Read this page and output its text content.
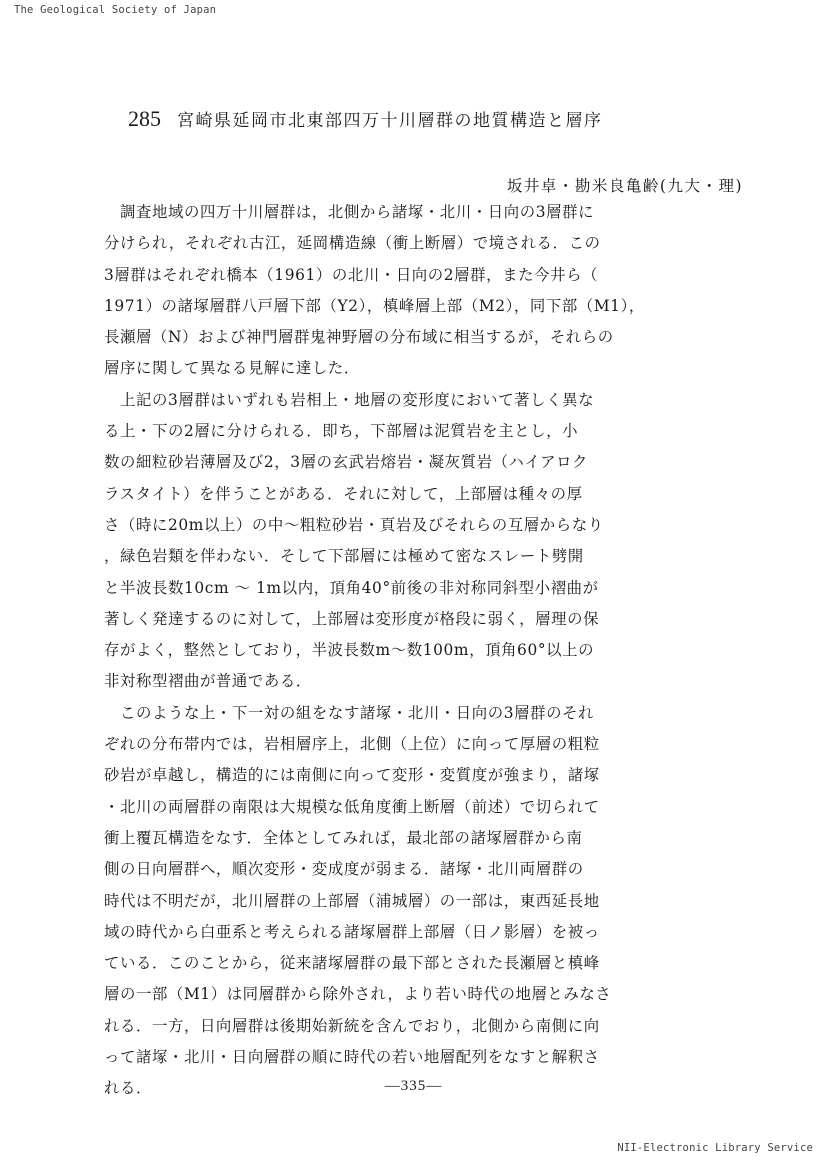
The Geological Society of Japan
285 宮崎県延岡市北東部四万十川層群の地質構造と層序
坂井卓・勘米良亀齢(九大・理)
　調査地域の四万十川層群は，北側から諸塚・北川・日向の3層群に
分けられ，それぞれ古江，延岡構造線（衝上断層）で境される．この
3層群はそれぞれ橋本（1961）の北川・日向の2層群，また今井ら（
1971）の諸塚層群八戸層下部（Y2），槙峰層上部（M2），同下部（M1），
長瀬層（N）および神門層群鬼神野層の分布域に相当するが，それらの
層序に関して異なる見解に達した．
　上記の3層群はいずれも岩相上・地層の変形度において著しく異な
る上・下の2層に分けられる．即ち，下部層は泥質岩を主とし，小
数の細粒砂岩薄層及び2，3層の玄武岩熔岩・凝灰質岩（ハイアロク
ラスタイト）を伴うことがある．それに対して，上部層は種々の厚
さ（時に20m以上）の中～粗粒砂岩・頁岩及びそれらの互層からなり
，緑色岩類を伴わない．そして下部層には極めて密なスレート劈開
と半波長数10cm ～ 1m以内，頂角40°前後の非対称同斜型小褶曲が
著しく発達するのに対して，上部層は変形度が格段に弱く，層理の保
存がよく，整然としており，半波長数m～数100m，頂角60°以上の
非対称型褶曲が普通である．
　このような上・下一対の組をなす諸塚・北川・日向の3層群のそれ
ぞれの分布帯内では，岩相層序上，北側（上位）に向って厚層の粗粒
砂岩が卓越し，構造的には南側に向って変形・変質度が強まり，諸塚
・北川の両層群の南限は大規模な低角度衝上断層（前述）で切られて
衝上覆瓦構造をなす．全体としてみれば，最北部の諸塚層群から南
側の日向層群へ，順次変形・変成度が弱まる．諸塚・北川両層群の
時代は不明だが，北川層群の上部層（浦城層）の一部は，東西延長地
域の時代から白亜系と考えられる諸塚層群上部層（日ノ影層）を被っ
ている．このことから，従来諸塚層群の最下部とされた長瀬層と槙峰
層の一部（M1）は同層群から除外され，より若い時代の地層とみなさ
れる．一方，日向層群は後期始新統を含んでおり，北側から南側に向
って諸塚・北川・日向層群の順に時代の若い地層配列をなすと解釈さ
れる．	—335—
NII-Electronic Library Service
